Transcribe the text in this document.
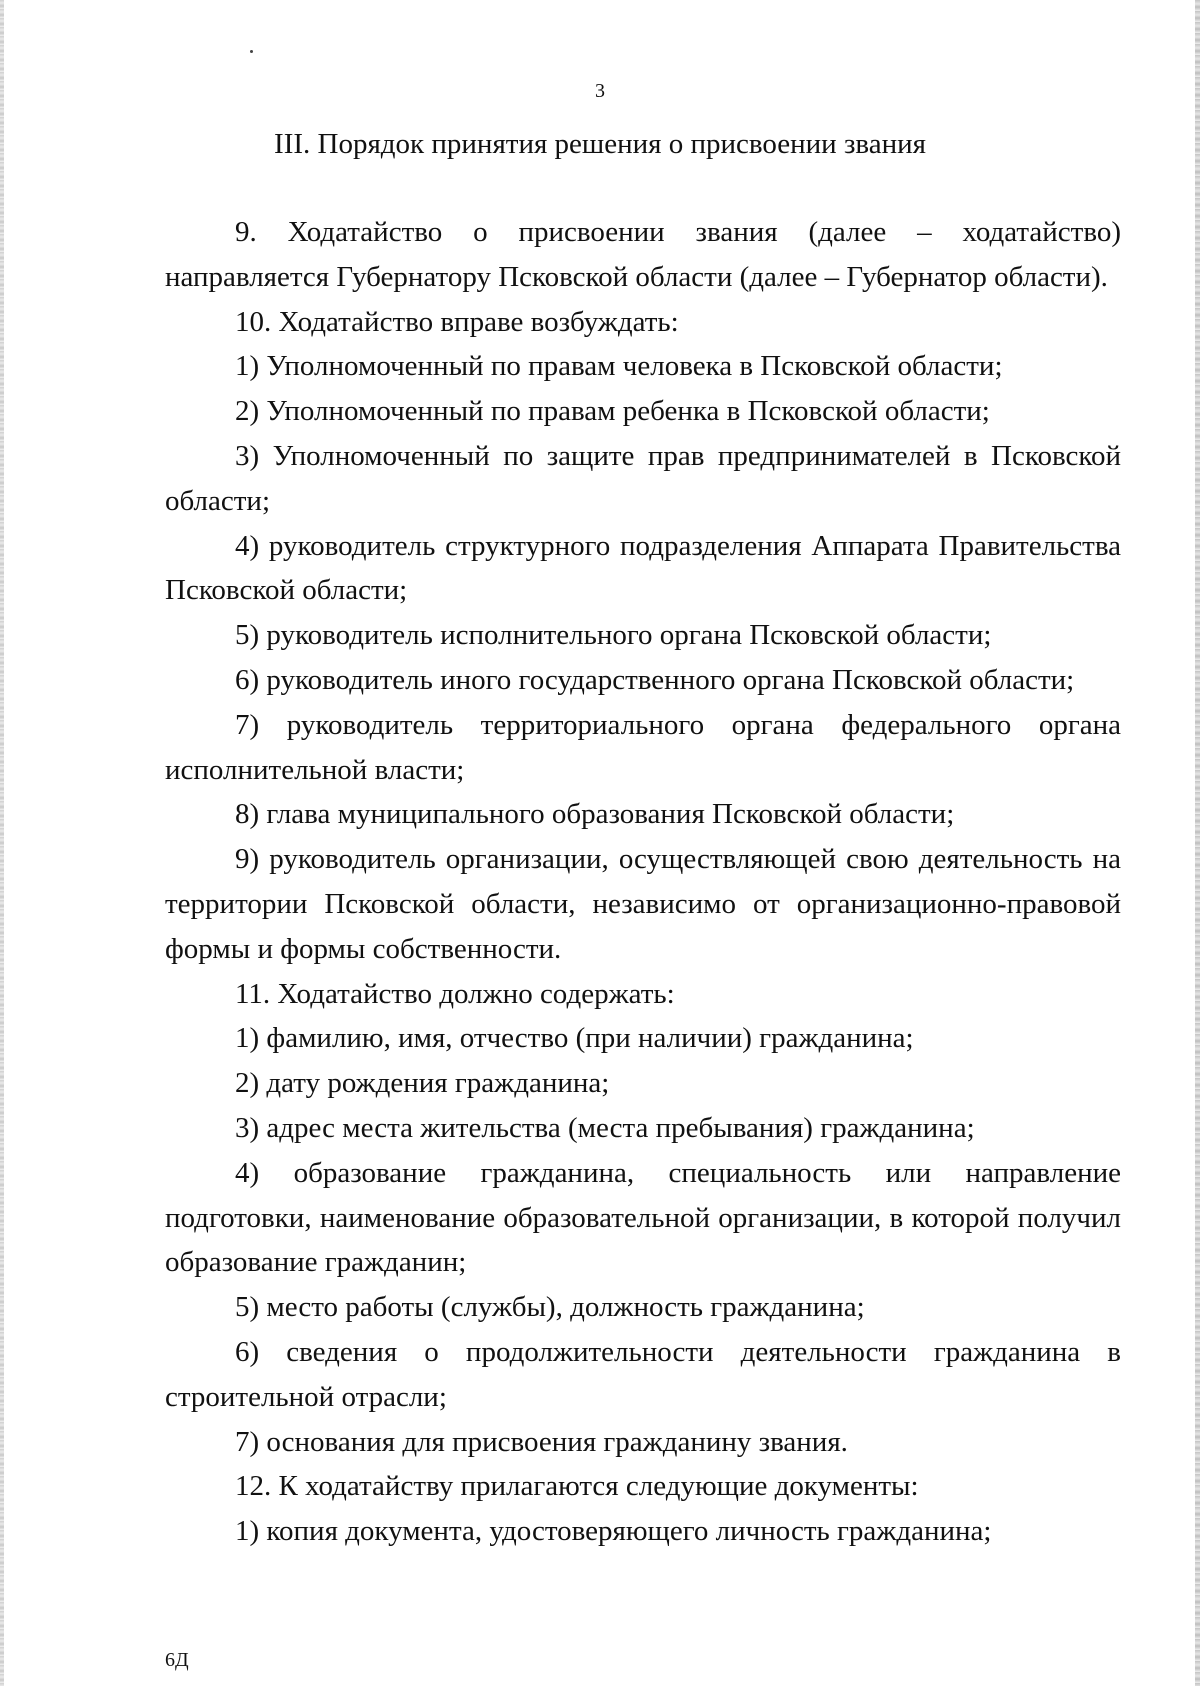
3
III. Порядок принятия решения о присвоении звания

9. Ходатайство о присвоении звания (далее – ходатайство) направляется Губернатору Псковской области (далее – Губернатор области).

10. Ходатайство вправе возбуждать:

1) Уполномоченный по правам человека в Псковской области;

2) Уполномоченный по правам ребенка в Псковской области;

3) Уполномоченный по защите прав предпринимателей в Псковской области;

4) руководитель структурного подразделения Аппарата Правительства Псковской области;

5) руководитель исполнительного органа Псковской области;

6) руководитель иного государственного органа Псковской области;

7) руководитель территориального органа федерального органа исполнительной власти;

8) глава муниципального образования Псковской области;

9) руководитель организации, осуществляющей свою деятельность на территории Псковской области, независимо от организационно-правовой формы и формы собственности.

11. Ходатайство должно содержать:

1) фамилию, имя, отчество (при наличии) гражданина;

2) дату рождения гражданина;

3) адрес места жительства (места пребывания) гражданина;

4) образование гражданина, специальность или направление подготовки, наименование образовательной организации, в которой получил образование гражданин;

5) место работы (службы), должность гражданина;

6) сведения о продолжительности деятельности гражданина в строительной отрасли;

7) основания для присвоения гражданину звания.

12. К ходатайству прилагаются следующие документы:

1) копия документа, удостоверяющего личность гражданина;

6Д
